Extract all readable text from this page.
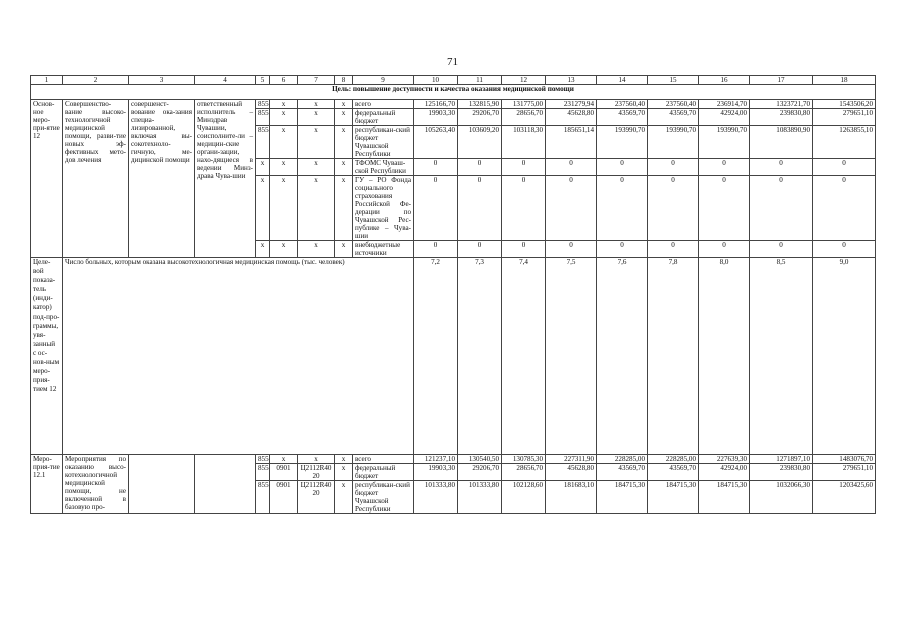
71
1	2	3	4	5	6	7	8	9	10	11	12	13	14	15	16	17	18
Цель: повышение доступности и качества оказания медицинской помощи																	
Основ-ное меро-при-ятие 12	Совершенство-вание высоко-технологичной медицинской помощи, разви-тие новых эф-фективных мето-дов лечения	совершенст-вование ока-зания специа-лизированной, включая вы-сокотехноло-гичную, ме-дицинской помощи	ответственный исполнитель – Минздрав Чувашии, соисполните-ли – медицин-ские органи-зации, нахо-дящиеся в ведении Минз-драва Чува-шии	855	х	х	х	всего	125166,70	132815,90	131775,00	231279,94	237560,40	237560,40	236914,70	1323721,70	1543506,20
				855	х	х	х	федеральный бюджет	19903,30	29206,70	28656,70	45628,80	43569,70	43569,70	42924,00	239830,80	279651,10
				855	х	х	х	республикан-ский бюджет Чувашской Республики	105263,40	103609,20	103118,30	185651,14	193990,70	193990,70	193990,70	1083890,90	1263855,10
				х	х	х	х	ТФОМС Чуваш-ской Республики	0	0	0	0	0	0	0	0	0
				х	х	х	х	ГУ – РО Фонда социального страхования Российской Фе-дерации по Чувашской Рес-публике – Чува-шии	0	0	0	0	0	0	0	0	0
				х	х	х	х	внебюджетные источники	0	0	0	0	0	0	0	0	0
Целе-вой показа-тель (инди-катор) под-про-граммы, увя-занный с ос-нов-ным меро-прия-тием 12	Число больных, которым оказана высокотехнологичная медицинская помощь (тыс. человек)								7,2	7,3	7,4	7,5	7,6	7,8	8,0	8,5	9,0
Меро-прия-тие 12.1	Мероприятия по оказанию высо-котехнологичной медицинской помощи, не включенной в базовую про-			855	х	х	х	всего	121237,10	130540,50	130785,30	227311,90	228285,00	228285,00	227639,30	1271897,10	1483076,70
				855	0901	Ц2112R40 20	х	федеральный бюджет	19903,30	29206,70	28656,70	45628,80	43569,70	43569,70	42924,00	239830,80	279651,10
				855	0901	Ц2112R40 20	х	республикан-ский бюджет Чувашской Республики	101333,80	101333,80	102128,60	181683,10	184715,30	184715,30	184715,30	1032066,30	1203425,60
